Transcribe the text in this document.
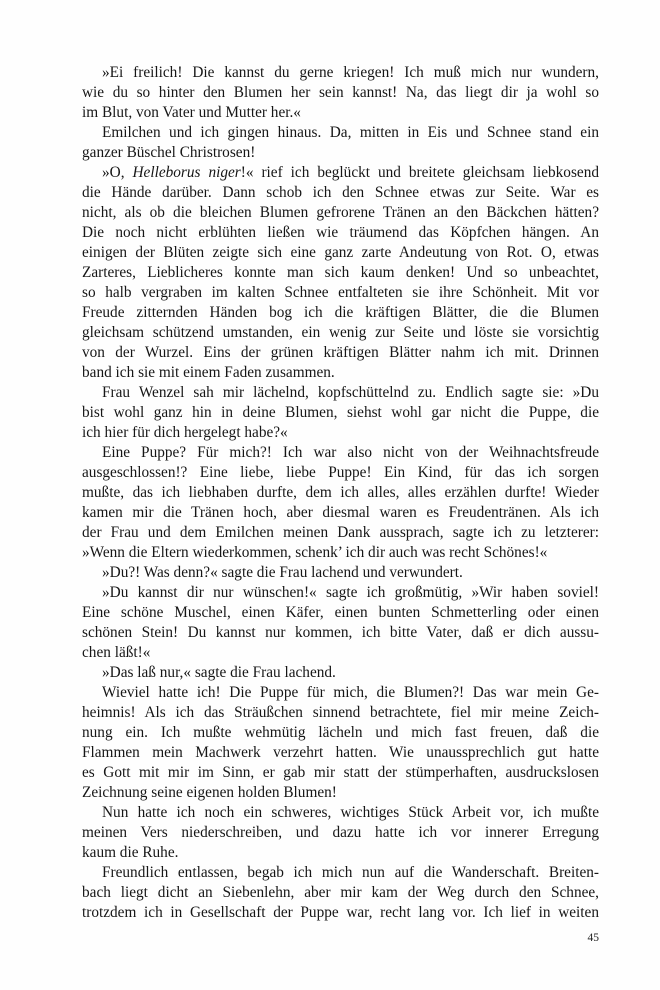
»Ei freilich! Die kannst du gerne kriegen! Ich muß mich nur wundern,
wie du so hinter den Blumen her sein kannst! Na, das liegt dir ja wohl so
im Blut, von Vater und Mutter her.«
Emilchen und ich gingen hinaus. Da, mitten in Eis und Schnee stand ein
ganzer Büschel Christrosen!
»O, Helleborus niger!« rief ich beglückt und breitete gleichsam liebkosend
die Hände darüber. Dann schob ich den Schnee etwas zur Seite. War es
nicht, als ob die bleichen Blumen gefrorene Tränen an den Bäckchen hätten?
Die noch nicht erblühten ließen wie träumend das Köpfchen hängen. An
einigen der Blüten zeigte sich eine ganz zarte Andeutung von Rot. O, etwas
Zarteres, Lieblicheres konnte man sich kaum denken! Und so unbeachtet,
so halb vergraben im kalten Schnee entfalteten sie ihre Schönheit. Mit vor
Freude zitternden Händen bog ich die kräftigen Blätter, die die Blumen
gleichsam schützend umstanden, ein wenig zur Seite und löste sie vorsichtig
von der Wurzel. Eins der grünen kräftigen Blätter nahm ich mit. Drinnen
band ich sie mit einem Faden zusammen.
Frau Wenzel sah mir lächelnd, kopfschüttelnd zu. Endlich sagte sie: »Du
bist wohl ganz hin in deine Blumen, siehst wohl gar nicht die Puppe, die
ich hier für dich hergelegt habe?«
Eine Puppe? Für mich?! Ich war also nicht von der Weihnachtsfreude
ausgeschlossen!? Eine liebe, liebe Puppe! Ein Kind, für das ich sorgen
mußte, das ich liebhaben durfte, dem ich alles, alles erzählen durfte! Wieder
kamen mir die Tränen hoch, aber diesmal waren es Freudentränen. Als ich
der Frau und dem Emilchen meinen Dank aussprach, sagte ich zu letzterer:
»Wenn die Eltern wiederkommen, schenk’ ich dir auch was recht Schönes!«
»Du?! Was denn?« sagte die Frau lachend und verwundert.
»Du kannst dir nur wünschen!« sagte ich großmütig, »Wir haben soviel!
Eine schöne Muschel, einen Käfer, einen bunten Schmetterling oder einen
schönen Stein! Du kannst nur kommen, ich bitte Vater, daß er dich aussu-
chen läßt!«
»Das laß nur,« sagte die Frau lachend.
Wieviel hatte ich! Die Puppe für mich, die Blumen?! Das war mein Ge-
heimnis! Als ich das Sträußchen sinnend betrachtete, fiel mir meine Zeich-
nung ein. Ich mußte wehmütig lächeln und mich fast freuen, daß die
Flammen mein Machwerk verzehrt hatten. Wie unaussprechlich gut hatte
es Gott mit mir im Sinn, er gab mir statt der stümperhaften, ausdruckslosen
Zeichnung seine eigenen holden Blumen!
Nun hatte ich noch ein schweres, wichtiges Stück Arbeit vor, ich mußte
meinen Vers niederschreiben, und dazu hatte ich vor innerer Erregung
kaum die Ruhe.
Freundlich entlassen, begab ich mich nun auf die Wanderschaft. Breiten-
bach liegt dicht an Siebenlehn, aber mir kam der Weg durch den Schnee,
trotzdem ich in Gesellschaft der Puppe war, recht lang vor. Ich lief in weiten
45
